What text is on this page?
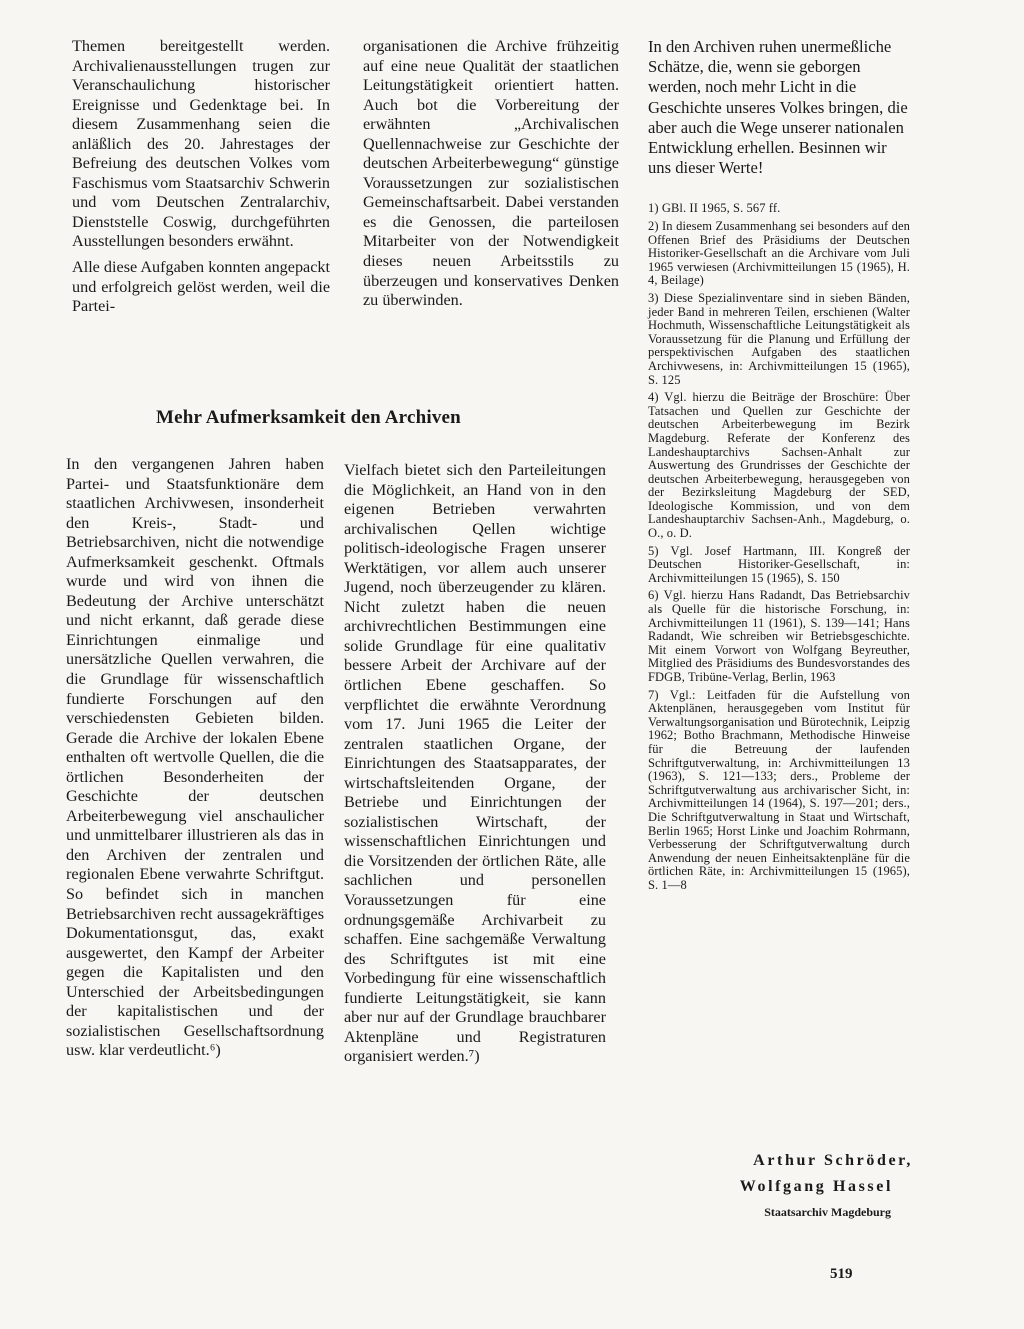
Themen bereitgestellt werden. Archivalienausstellungen trugen zur Veranschaulichung historischer Ereignisse und Gedenktage bei. In diesem Zusammenhang seien die anläßlich des 20. Jahrestages der Befreiung des deutschen Volkes vom Faschismus vom Staatsarchiv Schwerin und vom Deutschen Zentralarchiv, Dienststelle Coswig, durchgeführten Ausstellungen besonders erwähnt.

Alle diese Aufgaben konnten angepackt und erfolgreich gelöst werden, weil die Partei-

organisationen die Archive frühzeitig auf eine neue Qualität der staatlichen Leitungstätigkeit orientiert hatten. Auch bot die Vorbereitung der erwähnten „Archivalischen Quellennachweise zur Geschichte der deutschen Arbeiterbewegung“ günstige Voraussetzungen zur sozialistischen Gemeinschaftsarbeit. Dabei verstanden es die Genossen, die parteilosen Mitarbeiter von der Notwendigkeit dieses neuen Arbeitsstils zu überzeugen und konservatives Denken zu überwinden.

In den Archiven ruhen unermeßliche Schätze, die, wenn sie geborgen werden, noch mehr Licht in die Geschichte unseres Volkes bringen, die aber auch die Wege unserer nationalen Entwicklung erhellen. Besinnen wir uns dieser Werte!

1) GBl. II 1965, S. 567 ff.

2) In diesem Zusammenhang sei besonders auf den Offenen Brief des Präsidiums der Deutschen Historiker-Gesellschaft an die Archivare vom Juli 1965 verwiesen (Archivmitteilungen 15 (1965), H. 4, Beilage)

3) Diese Spezialinventare sind in sieben Bänden, jeder Band in mehreren Teilen, erschienen (Walter Hochmuth, Wissenschaftliche Leitungstätigkeit als Voraussetzung für die Planung und Erfüllung der perspektivischen Aufgaben des staatlichen Archivwesens, in: Archivmitteilungen 15 (1965), S. 125

4) Vgl. hierzu die Beiträge der Broschüre: Über Tatsachen und Quellen zur Geschichte der deutschen Arbeiterbewegung im Bezirk Magdeburg. Referate der Konferenz des Landeshauptarchivs Sachsen-Anhalt zur Auswertung des Grundrisses der Geschichte der deutschen Arbeiterbewegung, herausgegeben von der Bezirksleitung Magdeburg der SED, Ideologische Kommission, und von dem Landeshauptarchiv Sachsen-Anh., Magdeburg, o. O., o. D.

5) Vgl. Josef Hartmann, III. Kongreß der Deutschen Historiker-Gesellschaft, in: Archivmitteilungen 15 (1965), S. 150

6) Vgl. hierzu Hans Radandt, Das Betriebsarchiv als Quelle für die historische Forschung, in: Archivmitteilungen 11 (1961), S. 139—141; Hans Radandt, Wie schreiben wir Betriebsgeschichte. Mit einem Vorwort von Wolfgang Beyreuther, Mitglied des Präsidiums des Bundesvorstandes des FDGB, Tribüne-Verlag, Berlin, 1963

7) Vgl.: Leitfaden für die Aufstellung von Aktenplänen, herausgegeben vom Institut für Verwaltungsorganisation und Bürotechnik, Leipzig 1962; Botho Brachmann, Methodische Hinweise für die Betreuung der laufenden Schriftgutverwaltung, in: Archivmitteilungen 13 (1963), S. 121—133; ders., Probleme der Schriftgutverwaltung aus archivarischer Sicht, in: Archivmitteilungen 14 (1964), S. 197—201; ders., Die Schriftgutverwaltung in Staat und Wirtschaft, Berlin 1965; Horst Linke und Joachim Rohrmann, Verbesserung der Schriftgutverwaltung durch Anwendung der neuen Einheitsaktenpläne für die örtlichen Räte, in: Archivmitteilungen 15 (1965), S. 1—8

Mehr Aufmerksamkeit den Archiven

In den vergangenen Jahren haben Partei- und Staatsfunktionäre dem staatlichen Archivwesen, insonderheit den Kreis-, Stadt- und Betriebsarchiven, nicht die notwendige Aufmerksamkeit geschenkt. Oftmals wurde und wird von ihnen die Bedeutung der Archive unterschätzt und nicht erkannt, daß gerade diese Einrichtungen einmalige und unersätzliche Quellen verwahren, die die Grundlage für wissenschaftlich fundierte Forschungen auf den verschiedensten Gebieten bilden. Gerade die Archive der lokalen Ebene enthalten oft wertvolle Quellen, die die örtlichen Besonderheiten der Geschichte der deutschen Arbeiterbewegung viel anschaulicher und unmittelbarer illustrieren als das in den Archiven der zentralen und regionalen Ebene verwahrte Schriftgut. So befindet sich in manchen Betriebsarchiven recht aussagekräftiges Dokumentationsgut, das, exakt ausgewertet, den Kampf der Arbeiter gegen die Kapitalisten und den Unterschied der Arbeitsbedingungen der kapitalistischen und der sozialistischen Gesellschaftsordnung usw. klar verdeutlicht.⁶)

Vielfach bietet sich den Parteileitungen die Möglichkeit, an Hand von in den eigenen Betrieben verwahrten archivalischen Qellen wichtige politisch-ideologische Fragen unserer Werktätigen, vor allem auch unserer Jugend, noch überzeugender zu klären. Nicht zuletzt haben die neuen archivrechtlichen Bestimmungen eine solide Grundlage für eine qualitativ bessere Arbeit der Archivare auf der örtlichen Ebene geschaffen. So verpflichtet die erwähnte Verordnung vom 17. Juni 1965 die Leiter der zentralen staatlichen Organe, der Einrichtungen des Staatsapparates, der wirtschaftsleitenden Organe, der Betriebe und Einrichtungen der sozialistischen Wirtschaft, der wissenschaftlichen Einrichtungen und die Vorsitzenden der örtlichen Räte, alle sachlichen und personellen Voraussetzungen für eine ordnungsgemäße Archivarbeit zu schaffen. Eine sachgemäße Verwaltung des Schriftgutes ist mit eine Vorbedingung für eine wissenschaftlich fundierte Leitungstätigkeit, sie kann aber nur auf der Grundlage brauchbarer Aktenpläne und Registraturen organisiert werden.⁷)

Arthur Schröder,
Wolfgang Hassel
Staatsarchiv Magdeburg
519
